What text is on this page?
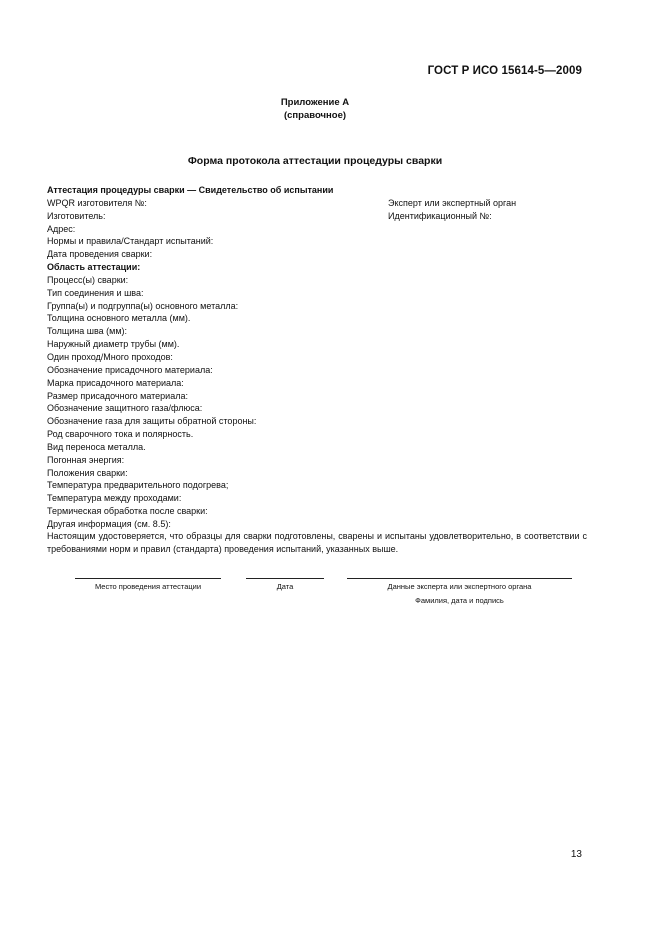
ГОСТ Р ИСО 15614-5—2009
Приложение А
(справочное)
Форма протокола аттестации процедуры сварки
Аттестация процедуры сварки — Свидетельство об испытании
WPQR изготовителя №:
Изготовитель:
Адрес:
Нормы и правила/Стандарт испытаний:
Дата проведения сварки:
Область аттестации:
Процесс(ы) сварки:
Тип соединения и шва:
Группа(ы) и подгруппа(ы) основного металла:
Толщина основного металла (мм).
Толщина шва (мм):
Наружный диаметр трубы (мм).
Один проход/Много проходов:
Обозначение присадочного материала:
Марка присадочного материала:
Размер присадочного материала:
Обозначение защитного газа/флюса:
Обозначение газа для защиты обратной стороны:
Род сварочного тока и полярность.
Вид переноса металла.
Погонная энергия:
Положения сварки:
Температура предварительного подогрева;
Температура между проходами:
Термическая обработка после сварки:
Другая информация (см. 8.5):
Эксперт или экспертный орган
Идентификационный №:
Настоящим удостоверяется, что образцы для сварки подготовлены, сварены и испытаны удовлетворительно, в соответствии с требованиями норм и правил (стандарта) проведения испытаний, указанных выше.
Место проведения аттестации	Дата	Данные эксперта или экспертного органа
Фамилия, дата и подпись
13
